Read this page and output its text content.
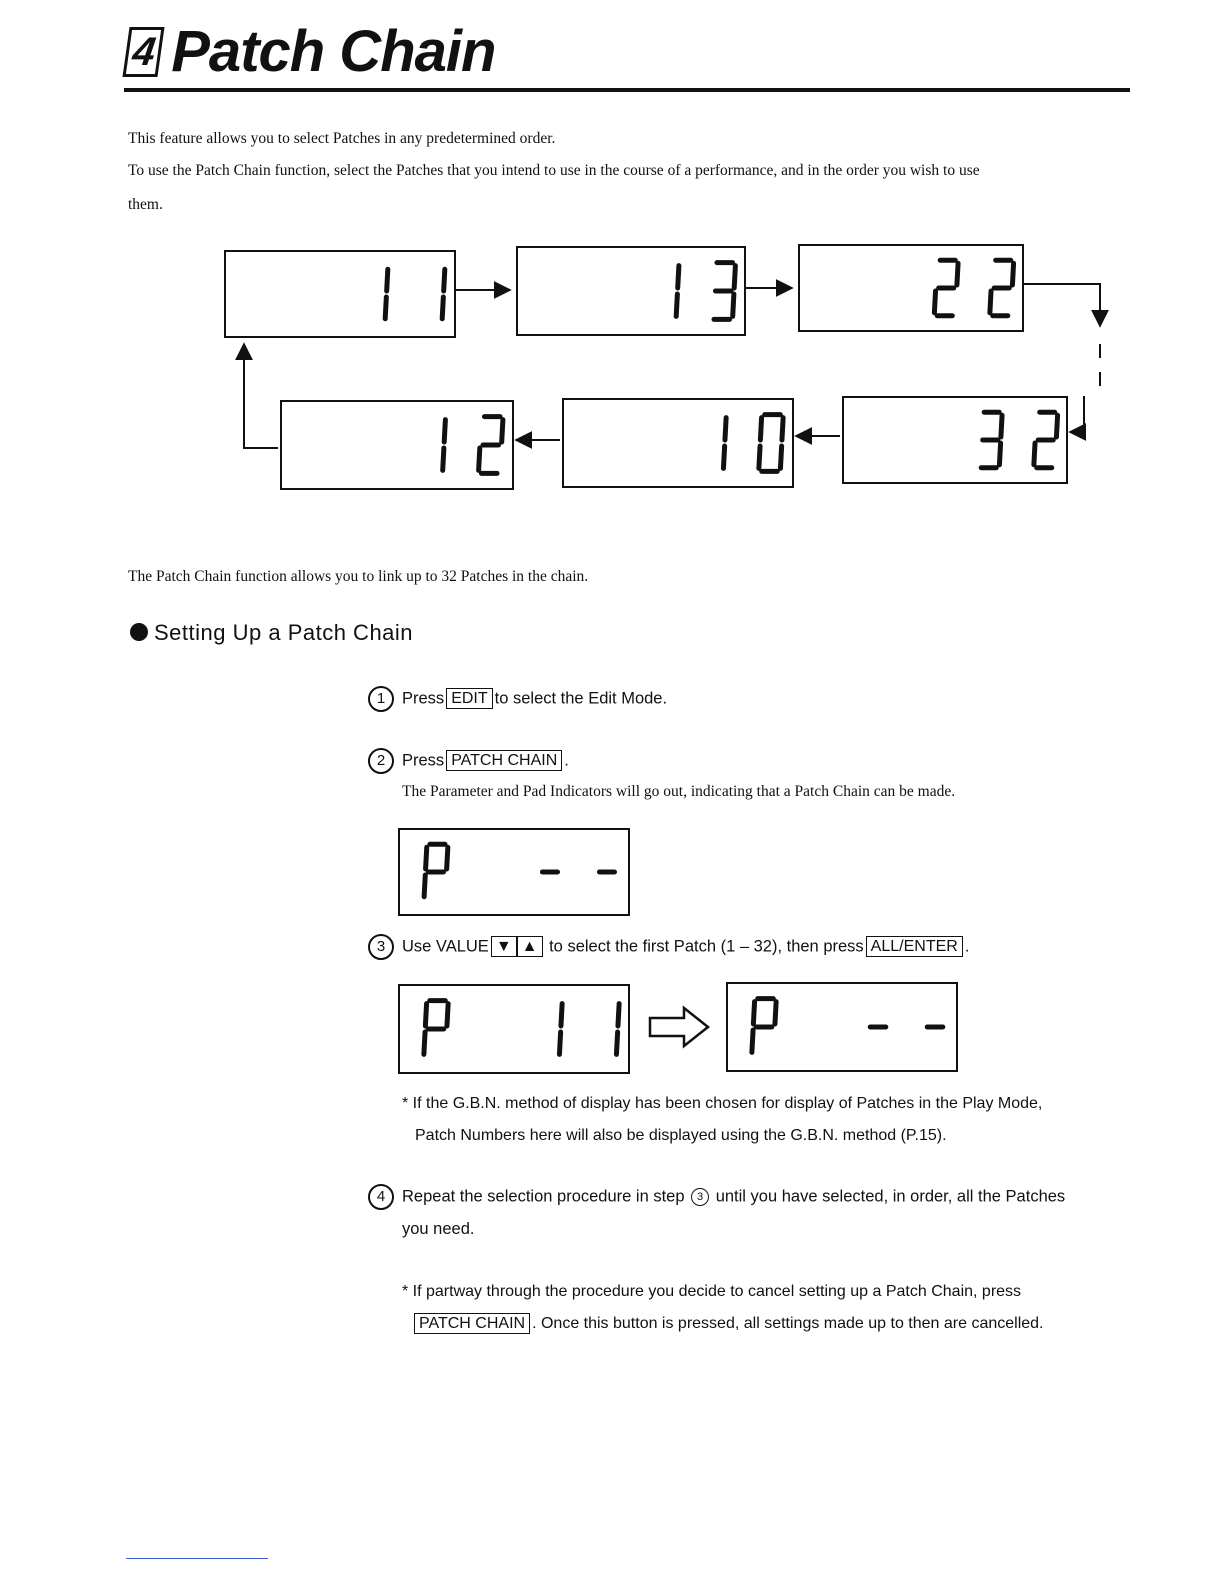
4 Patch Chain
This feature allows you to select Patches in any predetermined order.
To use the Patch Chain function, select the Patches that you intend to use in the course of a performance, and in the order you wish to use
them.
The Patch Chain function allows you to link up to 32 Patches in the chain.
Setting Up a Patch Chain
1 Press EDIT to select the Edit Mode.
2 Press PATCH CHAIN .
The Parameter and Pad Indicators will go out, indicating that a Patch Chain can be made.
3 Use VALUE ▼ ▲ to select the first Patch (1 – 32), then press ALL/ENTER .
* If the G.B.N. method of display has been chosen for display of Patches in the Play Mode,
Patch Numbers here will also be displayed using the G.B.N. method (P.15).
4 Repeat the selection procedure in step 3 until you have selected, in order, all the Patches
you need.
* If partway through the procedure you decide to cancel setting up a Patch Chain, press
PATCH CHAIN . Once this button is pressed, all settings made up to then are cancelled.
